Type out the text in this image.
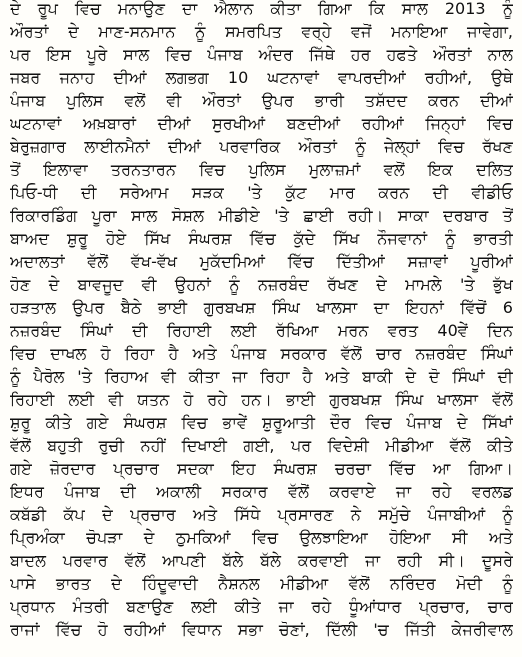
ਦੇ ਰੂਪ ਵਿਚ ਮਨਾਉਣ ਦਾ ਐਲਾਨ ਕੀਤਾ ਗਿਆ ਕਿ ਸਾਲ 2013 ਨੂੰ
ਔਰਤਾਂ ਦੇ ਮਾਣ-ਸਨਮਾਨ ਨੂੰ ਸਮਰਪਿਤ ਵਰ੍ਹੇ ਵਜੋਂ ਮਨਾਇਆ ਜਾਵੇਗਾ,
ਪਰ ਇਸ ਪੂਰੇ ਸਾਲ ਵਿਚ ਪੰਜਾਬ ਅੰਦਰ ਜਿੱਥੇ ਹਰ ਹਫਤੇ ਔਰਤਾਂ ਨਾਲ
ਜਬਰ ਜਨਾਹ ਦੀਆਂ ਲਗਭਗ 10 ਘਟਨਾਵਾਂ ਵਾਪਰਦੀਆਂ ਰਹੀਆਂ, ਉਥੇ
ਪੰਜਾਬ ਪੁਲਿਸ ਵਲੋਂ ਵੀ ਔਰਤਾਂ ਉਪਰ ਭਾਰੀ ਤਸ਼ੱਦਦ ਕਰਨ ਦੀਆਂ
ਘਟਨਾਵਾਂ ਅਖ਼ਬਾਰਾਂ ਦੀਆਂ ਸੁਰਖੀਆਂ ਬਣਦੀਆਂ ਰਹੀਆਂ ਜਿਨ੍ਹਾਂ ਵਿਚ
ਬੇਰੁਜ਼ਗਾਰ ਲਾਈਨਮੈਨਾਂ ਦੀਆਂ ਪਰਵਾਰਿਕ ਔਰਤਾਂ ਨੂੰ ਜੇਲ੍ਹਾਂ ਵਿਚ ਰੱਖਣ
ਤੋਂ ਇਲਾਵਾ ਤਰਨਤਾਰਨ ਵਿਚ ਪੁਲਿਸ ਮੁਲਾਜ਼ਮਾਂ ਵਲੋਂ ਇਕ ਦਲਿਤ
ਪਿਓ-ਧੀ ਦੀ ਸਰੇਆਮ ਸੜਕ 'ਤੇ ਕੁੱਟ ਮਾਰ ਕਰਨ ਦੀ ਵੀਡੀਓ
ਰਿਕਾਰਡਿੰਗ ਪੂਰਾ ਸਾਲ ਸੋਸ਼ਲ ਮੀਡੀਏ 'ਤੇ ਛਾਈ ਰਹੀ। ਸਾਕਾ ਦਰਬਾਰ ਤੋਂ
ਬਾਅਦ ਸ਼ੁਰੂ ਹੋਏ ਸਿੱਖ ਸੰਘਰਸ਼ ਵਿੱਚ ਕੁੱਦੇ ਸਿੱਖ ਨੌਜਵਾਨਾਂ ਨੂੰ ਭਾਰਤੀ
ਅਦਾਲਤਾਂ ਵੱਲੋਂ ਵੱਖ-ਵੱਖ ਮੁਕੱਦਮਿਆਂ ਵਿੱਚ ਦਿੱਤੀਆਂ ਸਜ਼ਾਵਾਂ ਪੂਰੀਆਂ
ਹੋਣ ਦੇ ਬਾਵਜੂਦ ਵੀ ਉਹਨਾਂ ਨੂੰ ਨਜ਼ਰਬੰਦ ਰੱਖਣ ਦੇ ਮਾਮਲੇ 'ਤੇ ਭੁੱਖ
ਹੜਤਾਲ ਉਪਰ ਬੈਠੇ ਭਾਈ ਗੁਰਬਖਸ਼ ਸਿੰਘ ਖਾਲਸਾ ਦਾ ਇਹਨਾਂ ਵਿੱਚੋਂ 6
ਨਜ਼ਰਬੰਦ ਸਿੰਘਾਂ ਦੀ ਰਿਹਾਈ ਲਈ ਰੱਖਿਆ ਮਰਨ ਵਰਤ 40ਵੇਂ ਦਿਨ
ਵਿਚ ਦਾਖਲ ਹੋ ਰਿਹਾ ਹੈ ਅਤੇ ਪੰਜਾਬ ਸਰਕਾਰ ਵੱਲੋਂ ਚਾਰ ਨਜ਼ਰਬੰਦ ਸਿੰਘਾਂ
ਨੂੰ ਪੈਰੋਲ 'ਤੇ ਰਿਹਾਅ ਵੀ ਕੀਤਾ ਜਾ ਰਿਹਾ ਹੈ ਅਤੇ ਬਾਕੀ ਦੇ ਦੋ ਸਿੰਘਾਂ ਦੀ
ਰਿਹਾਈ ਲਈ ਵੀ ਯਤਨ ਹੋ ਰਹੇ ਹਨ। ਭਾਈ ਗੁਰਬਖਸ਼ ਸਿੰਘ ਖਾਲਸਾ ਵੱਲੋਂ
ਸ਼ੁਰੂ ਕੀਤੇ ਗਏ ਸੰਘਰਸ਼ ਵਿਚ ਭਾਵੇਂ ਸ਼ੁਰੂਆਤੀ ਦੌਰ ਵਿਚ ਪੰਜਾਬ ਦੇ ਸਿੱਖਾਂ
ਵੱਲੋਂ ਬਹੁਤੀ ਰੁਚੀ ਨਹੀਂ ਦਿਖਾਈ ਗਈ, ਪਰ ਵਿਦੇਸ਼ੀ ਮੀਡੀਆ ਵੱਲੋਂ ਕੀਤੇ
ਗਏ ਜ਼ੋਰਦਾਰ ਪ੍ਰਚਾਰ ਸਦਕਾ ਇਹ ਸੰਘਰਸ਼ ਚਰਚਾ ਵਿੱਚ ਆ ਗਿਆ।
ਇਧਰ ਪੰਜਾਬ ਦੀ ਅਕਾਲੀ ਸਰਕਾਰ ਵੱਲੋਂ ਕਰਵਾਏ ਜਾ ਰਹੇ ਵਰਲਡ
ਕਬੱਡੀ ਕੱਪ ਦੇ ਪ੍ਰਚਾਰ ਅਤੇ ਸਿੱਧੇ ਪ੍ਰਸਾਰਣ ਨੇ ਸਮੁੱਚੇ ਪੰਜਾਬੀਆਂ ਨੂੰ
ਪ੍ਰਿਅੰਕਾ ਚੋਪੜਾ ਦੇ ਠੁਮਕਿਆਂ ਵਿਚ ਉਲਝਾਇਆ ਹੋਇਆ ਸੀ ਅਤੇ
ਬਾਦਲ ਪਰਵਾਰ ਵੱਲੋਂ ਆਪਣੀ ਬੱਲੇ ਬੱਲੇ ਕਰਵਾਈ ਜਾ ਰਹੀ ਸੀ। ਦੂਸਰੇ
ਪਾਸੇ ਭਾਰਤ ਦੇ ਹਿੰਦੂਵਾਦੀ ਨੈਸ਼ਨਲ ਮੀਡੀਆ ਵੱਲੋਂ ਨਰਿੰਦਰ ਮੋਦੀ ਨੂੰ
ਪ੍ਰਧਾਨ ਮੰਤਰੀ ਬਣਾਉਣ ਲਈ ਕੀਤੇ ਜਾ ਰਹੇ ਧੂੰਆਂਧਾਰ ਪ੍ਰਚਾਰ, ਚਾਰ
ਰਾਜਾਂ ਵਿੱਚ ਹੋ ਰਹੀਆਂ ਵਿਧਾਨ ਸਭਾ ਚੋਣਾਂ, ਦਿੱਲੀ 'ਚ ਜਿੱਤੀ ਕੇਜਰੀਵਾਲ
